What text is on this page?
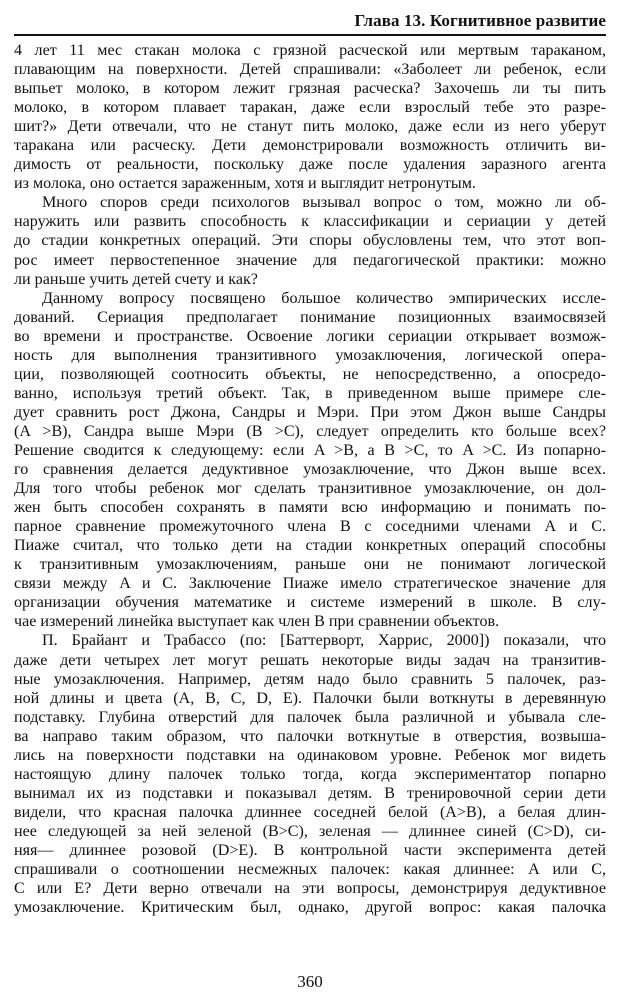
Глава 13. Когнитивное развитие
4 лет 11 мес стакан молока с грязной расческой или мертвым тараканом,
плавающим на поверхности. Детей спрашивали: «Заболеет ли ребенок, если
выпьет молоко, в котором лежит грязная расческа? Захочешь ли ты пить
молоко, в котором плавает таракан, даже если взрослый тебе это разре-
шит?» Дети отвечали, что не станут пить молоко, даже если из него уберут
таракана или расческу. Дети демонстрировали возможность отличить ви-
димость от реальности, поскольку даже после удаления заразного агента
из молока, оно остается зараженным, хотя и выглядит нетронутым.
Много споров среди психологов вызывал вопрос о том, можно ли об-
наружить или развить способность к классификации и сериации у детей
до стадии конкретных операций. Эти споры обусловлены тем, что этот воп-
рос имеет первостепенное значение для педагогической практики: можно
ли раньше учить детей счету и как?
Данному вопросу посвящено большое количество эмпирических иссле-
дований. Сериация предполагает понимание позиционных взаимосвязей
во времени и пространстве. Освоение логики сериации открывает возмож-
ность для выполнения транзитивного умозаключения, логической опера-
ции, позволяющей соотносить объекты, не непосредственно, а опосредо-
ванно, используя третий объект. Так, в приведенном выше примере сле-
дует сравнить рост Джона, Сандры и Мэри. При этом Джон выше Сандры
(A >B), Сандра выше Мэри (B >C), следует определить кто больше всех?
Решение сводится к следующему: если A >B, а B >C, то A >C. Из попарно-
го сравнения делается дедуктивное умозаключение, что Джон выше всех.
Для того чтобы ребенок мог сделать транзитивное умозаключение, он дол-
жен быть способен сохранять в памяти всю информацию и понимать по-
парное сравнение промежуточного члена B с соседними членами A и C.
Пиаже считал, что только дети на стадии конкретных операций способны
к транзитивным умозаключениям, раньше они не понимают логической
связи между A и C. Заключение Пиаже имело стратегическое значение для
организации обучения математике и системе измерений в школе. В слу-
чае измерений линейка выступает как член B при сравнении объектов.
П. Брайант и Трабассо (по: [Баттерворт, Харрис, 2000]) показали, что
даже дети четырех лет могут решать некоторые виды задач на транзитив-
ные умозаключения. Например, детям надо было сравнить 5 палочек, раз-
ной длины и цвета (A, B, C, D, E). Палочки были воткнуты в деревянную
подставку. Глубина отверстий для палочек была различной и убывала сле-
ва направо таким образом, что палочки воткнутые в отверстия, возвыша-
лись на поверхности подставки на одинаковом уровне. Ребенок мог видеть
настоящую длину палочек только тогда, когда экспериментатор попарно
вынимал их из подставки и показывал детям. В тренировочной серии дети
видели, что красная палочка длиннее соседней белой (A>B), а белая длин-
нее следующей за ней зеленой (B>C), зеленая — длиннее синей (C>D), си-
няя— длиннее розовой (D>E). В контрольной части эксперимента детей
спрашивали о соотношении несмежных палочек: какая длиннее: A или C,
C или E? Дети верно отвечали на эти вопросы, демонстрируя дедуктивное
умозаключение. Критическим был, однако, другой вопрос: какая палочка
360
